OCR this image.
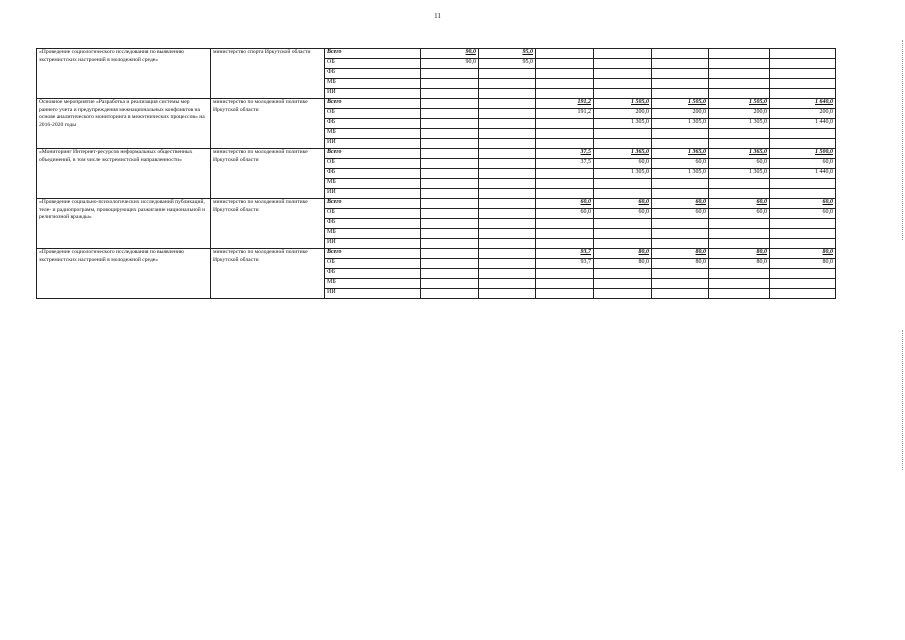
11
«Проведение социологического исследования по выявлению экстремистских настроений в молодежной среде»	министерство спорта Иркутской области	Всего	90,0	95,0					
		ОБ	90,0	95,0					
		ФБ							
		МБ							
		ИИ							
Основное мероприятие «Разработка и реализация системы мер раннего учета и предупреждения межнациональных конфликтов на основе аналитического мониторинга в межэтнических процессов» на 2016-2020 годы	министерство по молодежной политике Иркутской области	Всего			191,2	1 505,0	1 505,0	1 505,0	1 640,0
		ОБ			191,2	200,0	200,0	200,0	200,0
		ФБ				1 305,0	1 305,0	1 305,0	1 440,0
		МБ							
		ИИ							
«Мониторинг Интернет-ресурсов неформальных общественных объединений, в том числе экстремистской направленности»	министерство по молодежной политике Иркутской области	Всего			37,5	1 365,0	1 365,0	1 365,0	1 500,0
		ОБ			37,5	60,0	60,0	60,0	60,0
		ФБ				1 305,0	1 305,0	1 305,0	1 440,0
		МБ							
		ИИ							
«Проведение социально-психологических исследований публикаций, теле- и радиопрограмм, провоцирующих разжигание национальной и религиозной вражды»	министерство по молодежной политике Иркутской области	Всего			60,0	60,0	60,0	60,0	60,0
		ОБ			60,0	60,0	60,0	60,0	60,0
		ФБ							
		МБ							
		ИИ							
«Проведение социологического исследования по выявлению экстремистских настроений в молодежной среде»	министерство по молодежной политике Иркутской области	Всего			93,7	80,0	80,0	80,0	80,0
		ОБ			93,7	80,0	80,0	80,0	80,0
		ФБ							
		МБ							
		ИИ							
